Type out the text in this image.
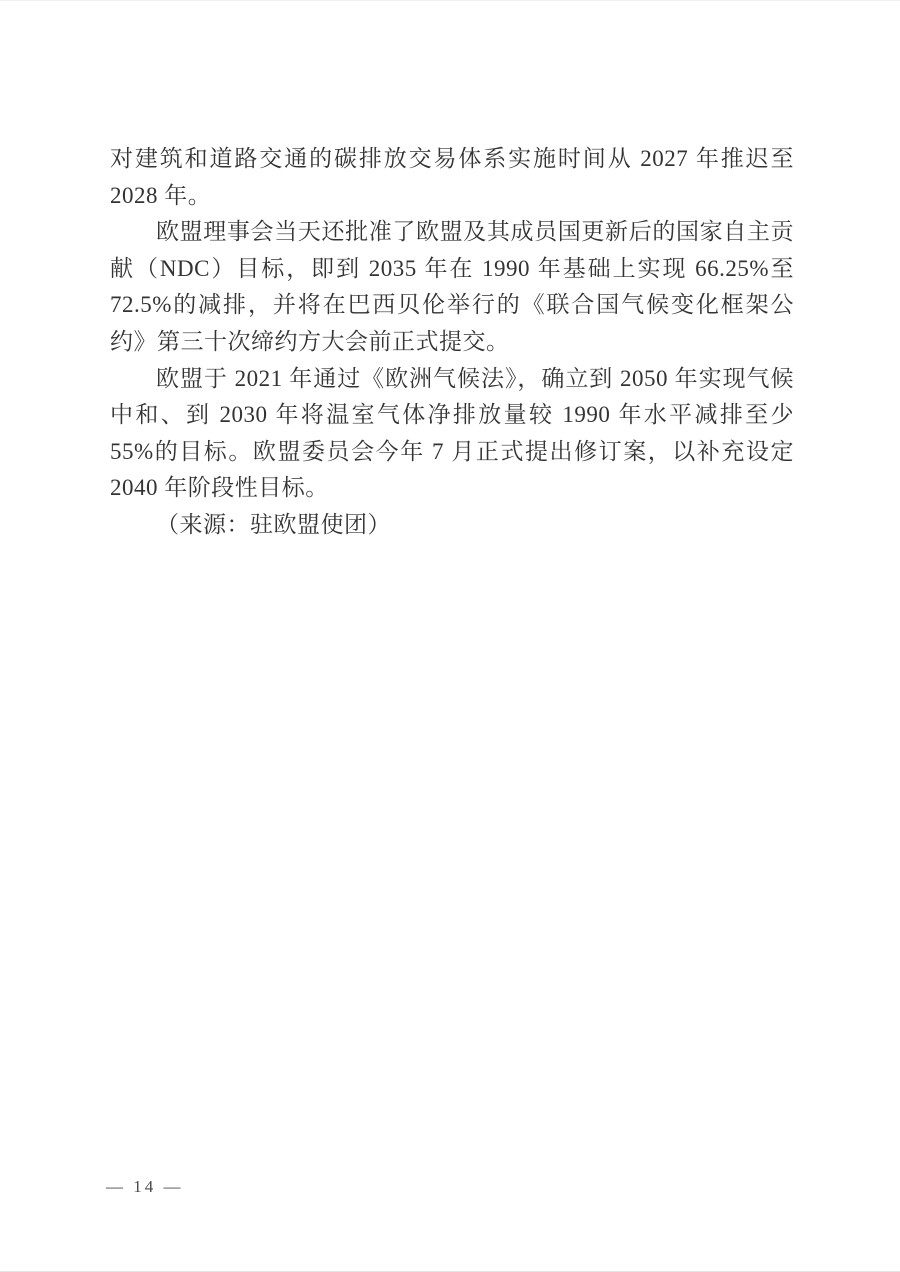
对建筑和道路交通的碳排放交易体系实施时间从 2027 年推迟至 2028 年。

欧盟理事会当天还批准了欧盟及其成员国更新后的国家自主贡献（NDC）目标，即到 2035 年在 1990 年基础上实现 66.25%至 72.5%的减排，并将在巴西贝伦举行的《联合国气候变化框架公约》第三十次缔约方大会前正式提交。

欧盟于 2021 年通过《欧洲气候法》，确立到 2050 年实现气候中和、到 2030 年将温室气体净排放量较 1990 年水平减排至少 55%的目标。欧盟委员会今年 7 月正式提出修订案，以补充设定 2040 年阶段性目标。

（来源：驻欧盟使团）

— 14 —
